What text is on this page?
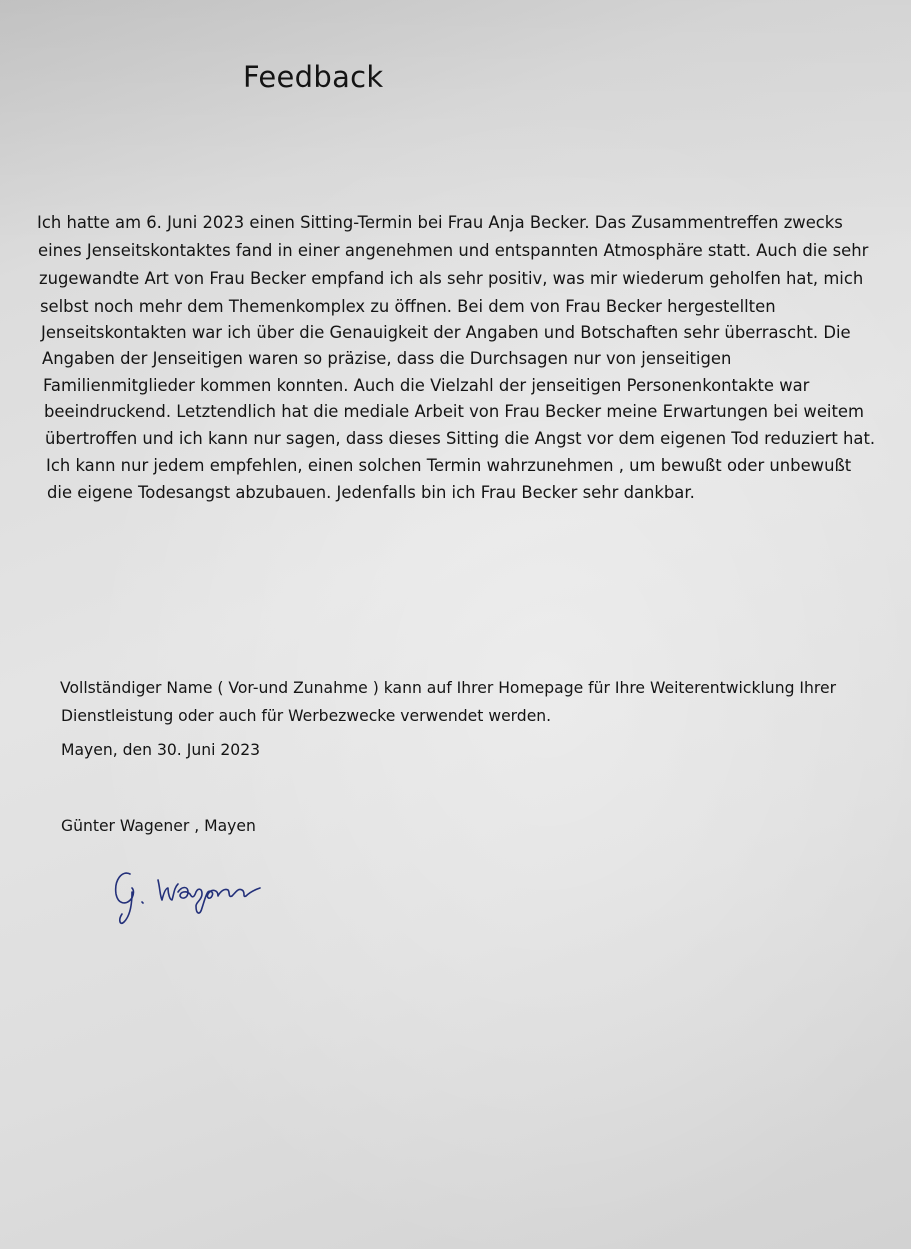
Feedback

Ich hatte am 6. Juni 2023 einen Sitting-Termin bei Frau Anja Becker. Das Zusammentreffen zwecks

eines Jenseitskontaktes fand in einer angenehmen und entspannten Atmosphäre statt. Auch die sehr

zugewandte Art von Frau Becker empfand ich als sehr positiv, was mir wiederum geholfen hat, mich

selbst noch mehr dem Themenkomplex zu öffnen. Bei dem von Frau Becker hergestellten

Jenseitskontakten war ich über die Genauigkeit der Angaben und Botschaften sehr überrascht. Die

Angaben der Jenseitigen waren so präzise, dass die Durchsagen nur von jenseitigen

Familienmitglieder kommen konnten. Auch die Vielzahl der jenseitigen Personenkontakte war

beeindruckend. Letztendlich hat die mediale Arbeit von Frau Becker meine Erwartungen bei weitem

übertroffen und ich kann nur sagen, dass dieses Sitting die Angst vor dem eigenen Tod reduziert hat.

Ich kann nur jedem empfehlen, einen solchen Termin wahrzunehmen , um bewußt oder unbewußt

die eigene Todesangst abzubauen. Jedenfalls bin ich Frau Becker sehr dankbar.

Vollständiger Name ( Vor-und Zunahme ) kann auf Ihrer Homepage für Ihre Weiterentwicklung Ihrer

Dienstleistung oder auch für Werbezwecke verwendet werden.

Mayen, den 30. Juni 2023

Günter Wagener , Mayen
